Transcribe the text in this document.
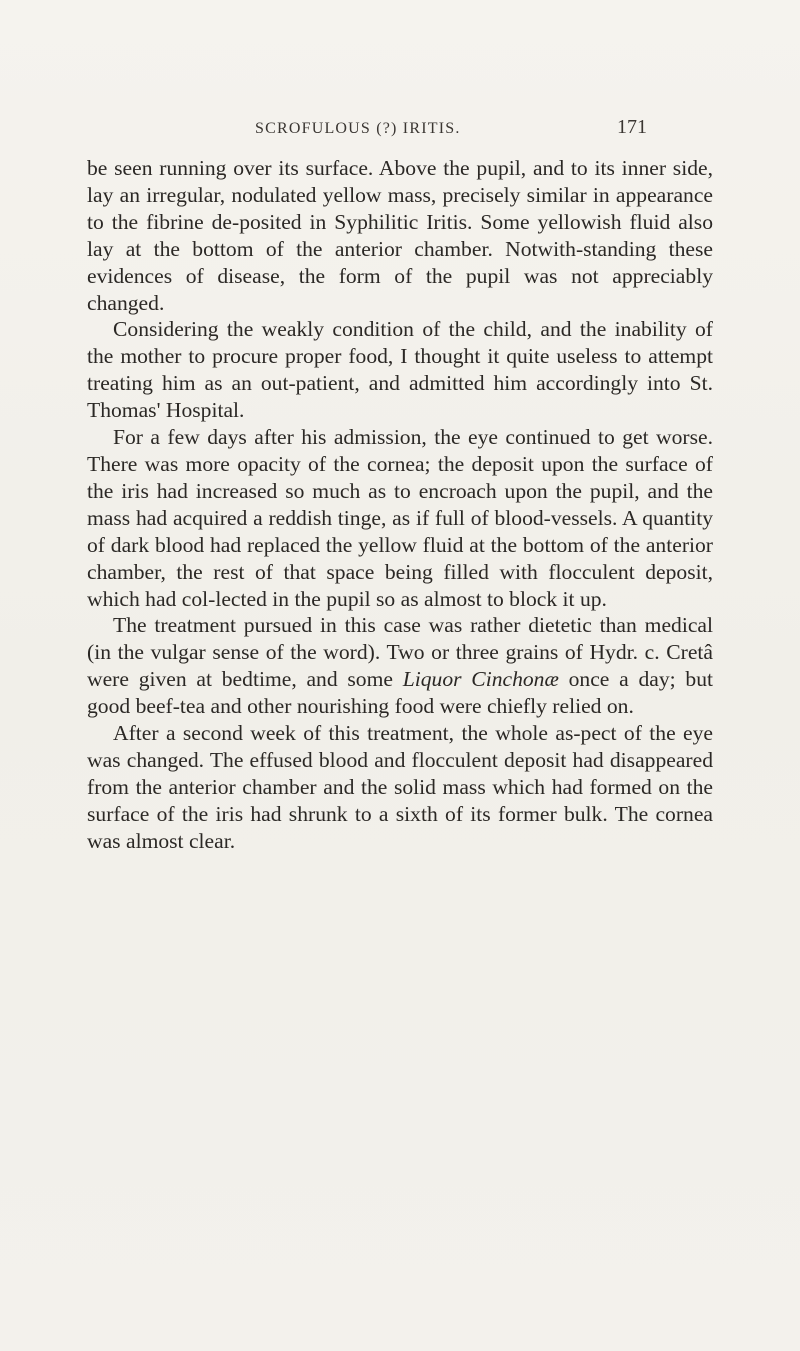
SCROFULOUS (?) IRITIS.	171

be seen running over its surface. Above the pupil, and to its inner side, lay an irregular, nodulated yellow mass, precisely similar in appearance to the fibrine de-posited in Syphilitic Iritis. Some yellowish fluid also lay at the bottom of the anterior chamber. Notwith-standing these evidences of disease, the form of the pupil was not appreciably changed.

Considering the weakly condition of the child, and the inability of the mother to procure proper food, I thought it quite useless to attempt treating him as an out-patient, and admitted him accordingly into St. Thomas' Hospital.

For a few days after his admission, the eye continued to get worse. There was more opacity of the cornea; the deposit upon the surface of the iris had increased so much as to encroach upon the pupil, and the mass had acquired a reddish tinge, as if full of blood-vessels. A quantity of dark blood had replaced the yellow fluid at the bottom of the anterior chamber, the rest of that space being filled with flocculent deposit, which had col-lected in the pupil so as almost to block it up.

The treatment pursued in this case was rather dietetic than medical (in the vulgar sense of the word). Two or three grains of Hydr. c. Cretâ were given at bedtime, and some Liquor Cinchonæ once a day; but good beef-tea and other nourishing food were chiefly relied on.

After a second week of this treatment, the whole as-pect of the eye was changed. The effused blood and flocculent deposit had disappeared from the anterior chamber and the solid mass which had formed on the surface of the iris had shrunk to a sixth of its former bulk. The cornea was almost clear.
